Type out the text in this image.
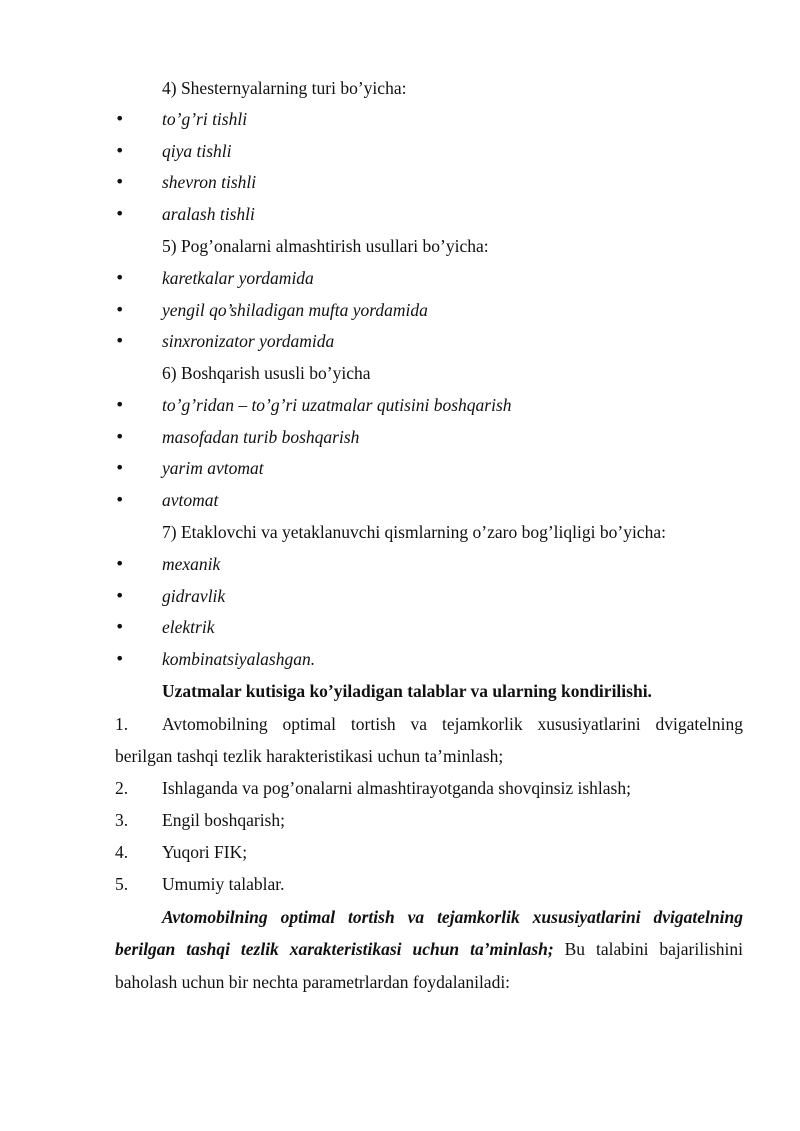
4) Shesternyalarning turi bo’yicha:
•	to’g’ri tishli
•	qiya tishli
•	shevron tishli
•	aralash tishli
5) Pog’onalarni almashtirish usullari bo’yicha:
•	karetkalar yordamida
•	yengil qo’shiladigan mufta yordamida
•	sinxronizator yordamida
6) Boshqarish ususli bo’yicha
•	to’g’ridan – to’g’ri uzatmalar qutisini boshqarish
•	masofadan turib boshqarish
•	yarim avtomat
•	avtomat
7) Etaklovchi va yetaklanuvchi qismlarning o’zaro bog’liqligi bo’yicha:
•	mexanik
•	gidravlik
•	elektrik
•	kombinatsiyalashgan.
Uzatmalar kutisiga ko’yiladigan talablar va ularning kondirilishi.
1. Avtomobilning optimal tortish va tejamkorlik xususiyatlarini dvigatelning
berilgan tashqi tezlik harakteristikasi uchun ta’minlash;
2. Ishlaganda va pog’onalarni almashtirayotganda shovqinsiz ishlash;
3. Engil boshqarish;
4. Yuqori FIK;
5. Umumiy talablar.
Avtomobilning optimal tortish va tejamkorlik xususiyatlarini dvigatelning
berilgan tashqi tezlik xarakteristikasi uchun ta’minlash; Bu talabini bajarilishini
baholash uchun bir nechta parametrlardan foydalaniladi:
